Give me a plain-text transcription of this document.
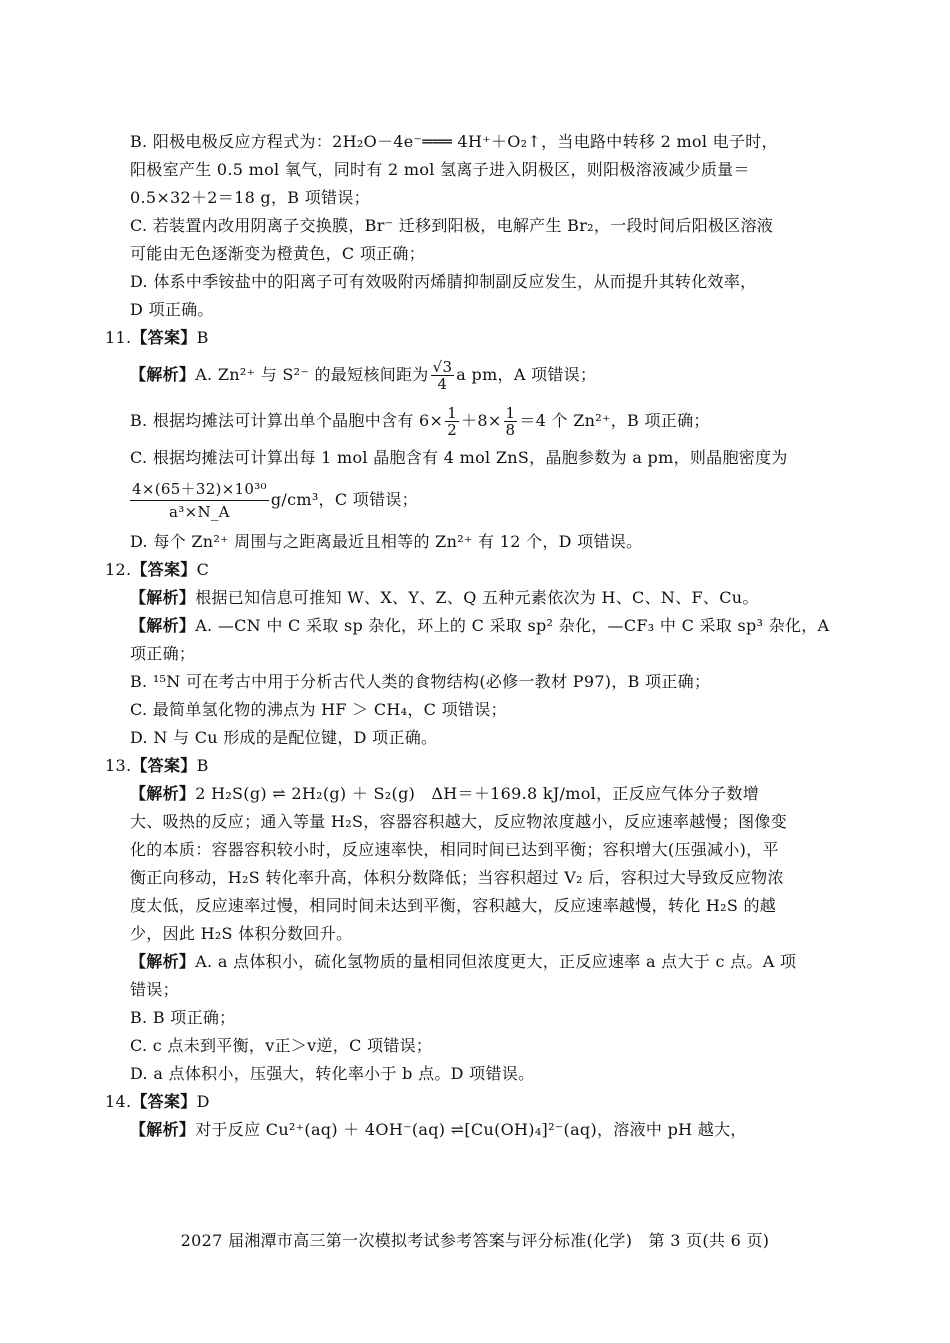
B. 阳极电极反应方程式为：2H₂O－4e⁻═══ 4H⁺＋O₂↑，当电路中转移 2 mol 电子时，
阳极室产生 0.5 mol 氧气，同时有 2 mol 氢离子进入阴极区，则阳极溶液减少质量＝
0.5×32＋2＝18 g，B 项错误；
C. 若装置内改用阴离子交换膜，Br⁻ 迁移到阳极，电解产生 Br₂，一段时间后阳极区溶液
可能由无色逐渐变为橙黄色，C 项正确；
D. 体系中季铵盐中的阳离子可有效吸附丙烯腈抑制副反应发生，从而提升其转化效率，
D 项正确。
11.【答案】B
【解析】A. Zn²⁺ 与 S²⁻ 的最短核间距为 $\frac{√3}{4}$ a pm，A 项错误；
B. 根据均摊法可计算出单个晶胞中含有 $6\times \frac{1}{2} +8\times \frac{1}{8} =4$ 个 Zn²⁺，B 项正确；
C. 根据均摊法可计算出每 1 mol 晶胞含有 4 mol ZnS，晶胞参数为 a pm，则晶胞密度为
$\frac{\text{4×(65＋32)×10³⁰}}{\text{a³×N\_A}} g/cm^3$，C 项错误；
D. 每个 Zn²⁺ 周围与之距离最近且相等的 Zn²⁺ 有 12 个，D 项错误。
12.【答案】C
【解析】根据已知信息可推知 W、X、Y、Z、Q 五种元素依次为 H、C、N、F、Cu。
【解析】A. —CN 中 C 采取 sp 杂化，环上的 C 采取 sp² 杂化，—CF₃ 中 C 采取 sp³ 杂化，A
项正确；
B. ¹⁵N 可在考古中用于分析古代人类的食物结构(必修一教材 P97)，B 项正确；
C. 最简单氢化物的沸点为 HF ＞ CH₄，C 项错误；
D. N 与 Cu 形成的是配位键，D 项正确。
13.【答案】B
【解析】2 H₂S(g) ⇌ 2H₂(g) ＋ S₂(g)　ΔH＝＋169.8 kJ/mol，正反应气体分子数增
大、吸热的反应；通入等量 H₂S，容器容积越大，反应物浓度越小，反应速率越慢；图像变
化的本质：容器容积较小时，反应速率快，相同时间已达到平衡；容积增大(压强减小)，平
衡正向移动，H₂S 转化率升高，体积分数降低；当容积超过 V₂ 后，容积过大导致反应物浓
度太低，反应速率过慢，相同时间未达到平衡，容积越大，反应速率越慢，转化 H₂S 的越
少，因此 H₂S 体积分数回升。
【解析】A. a 点体积小，硫化氢物质的量相同但浓度更大，正反应速率 a 点大于 c 点。A 项
错误；
B. B 项正确；
C. c 点未到平衡，v正＞v逆，C 项错误；
D. a 点体积小，压强大，转化率小于 b 点。D 项错误。
14.【答案】D
【解析】对于反应 Cu²⁺(aq) ＋ 4OH⁻(aq) ⇌[Cu(OH)₄]²⁻(aq)，溶液中 pH 越大，
2027 届湘潭市高三第一次模拟考试参考答案与评分标准(化学)　第 3 页(共 6 页)
